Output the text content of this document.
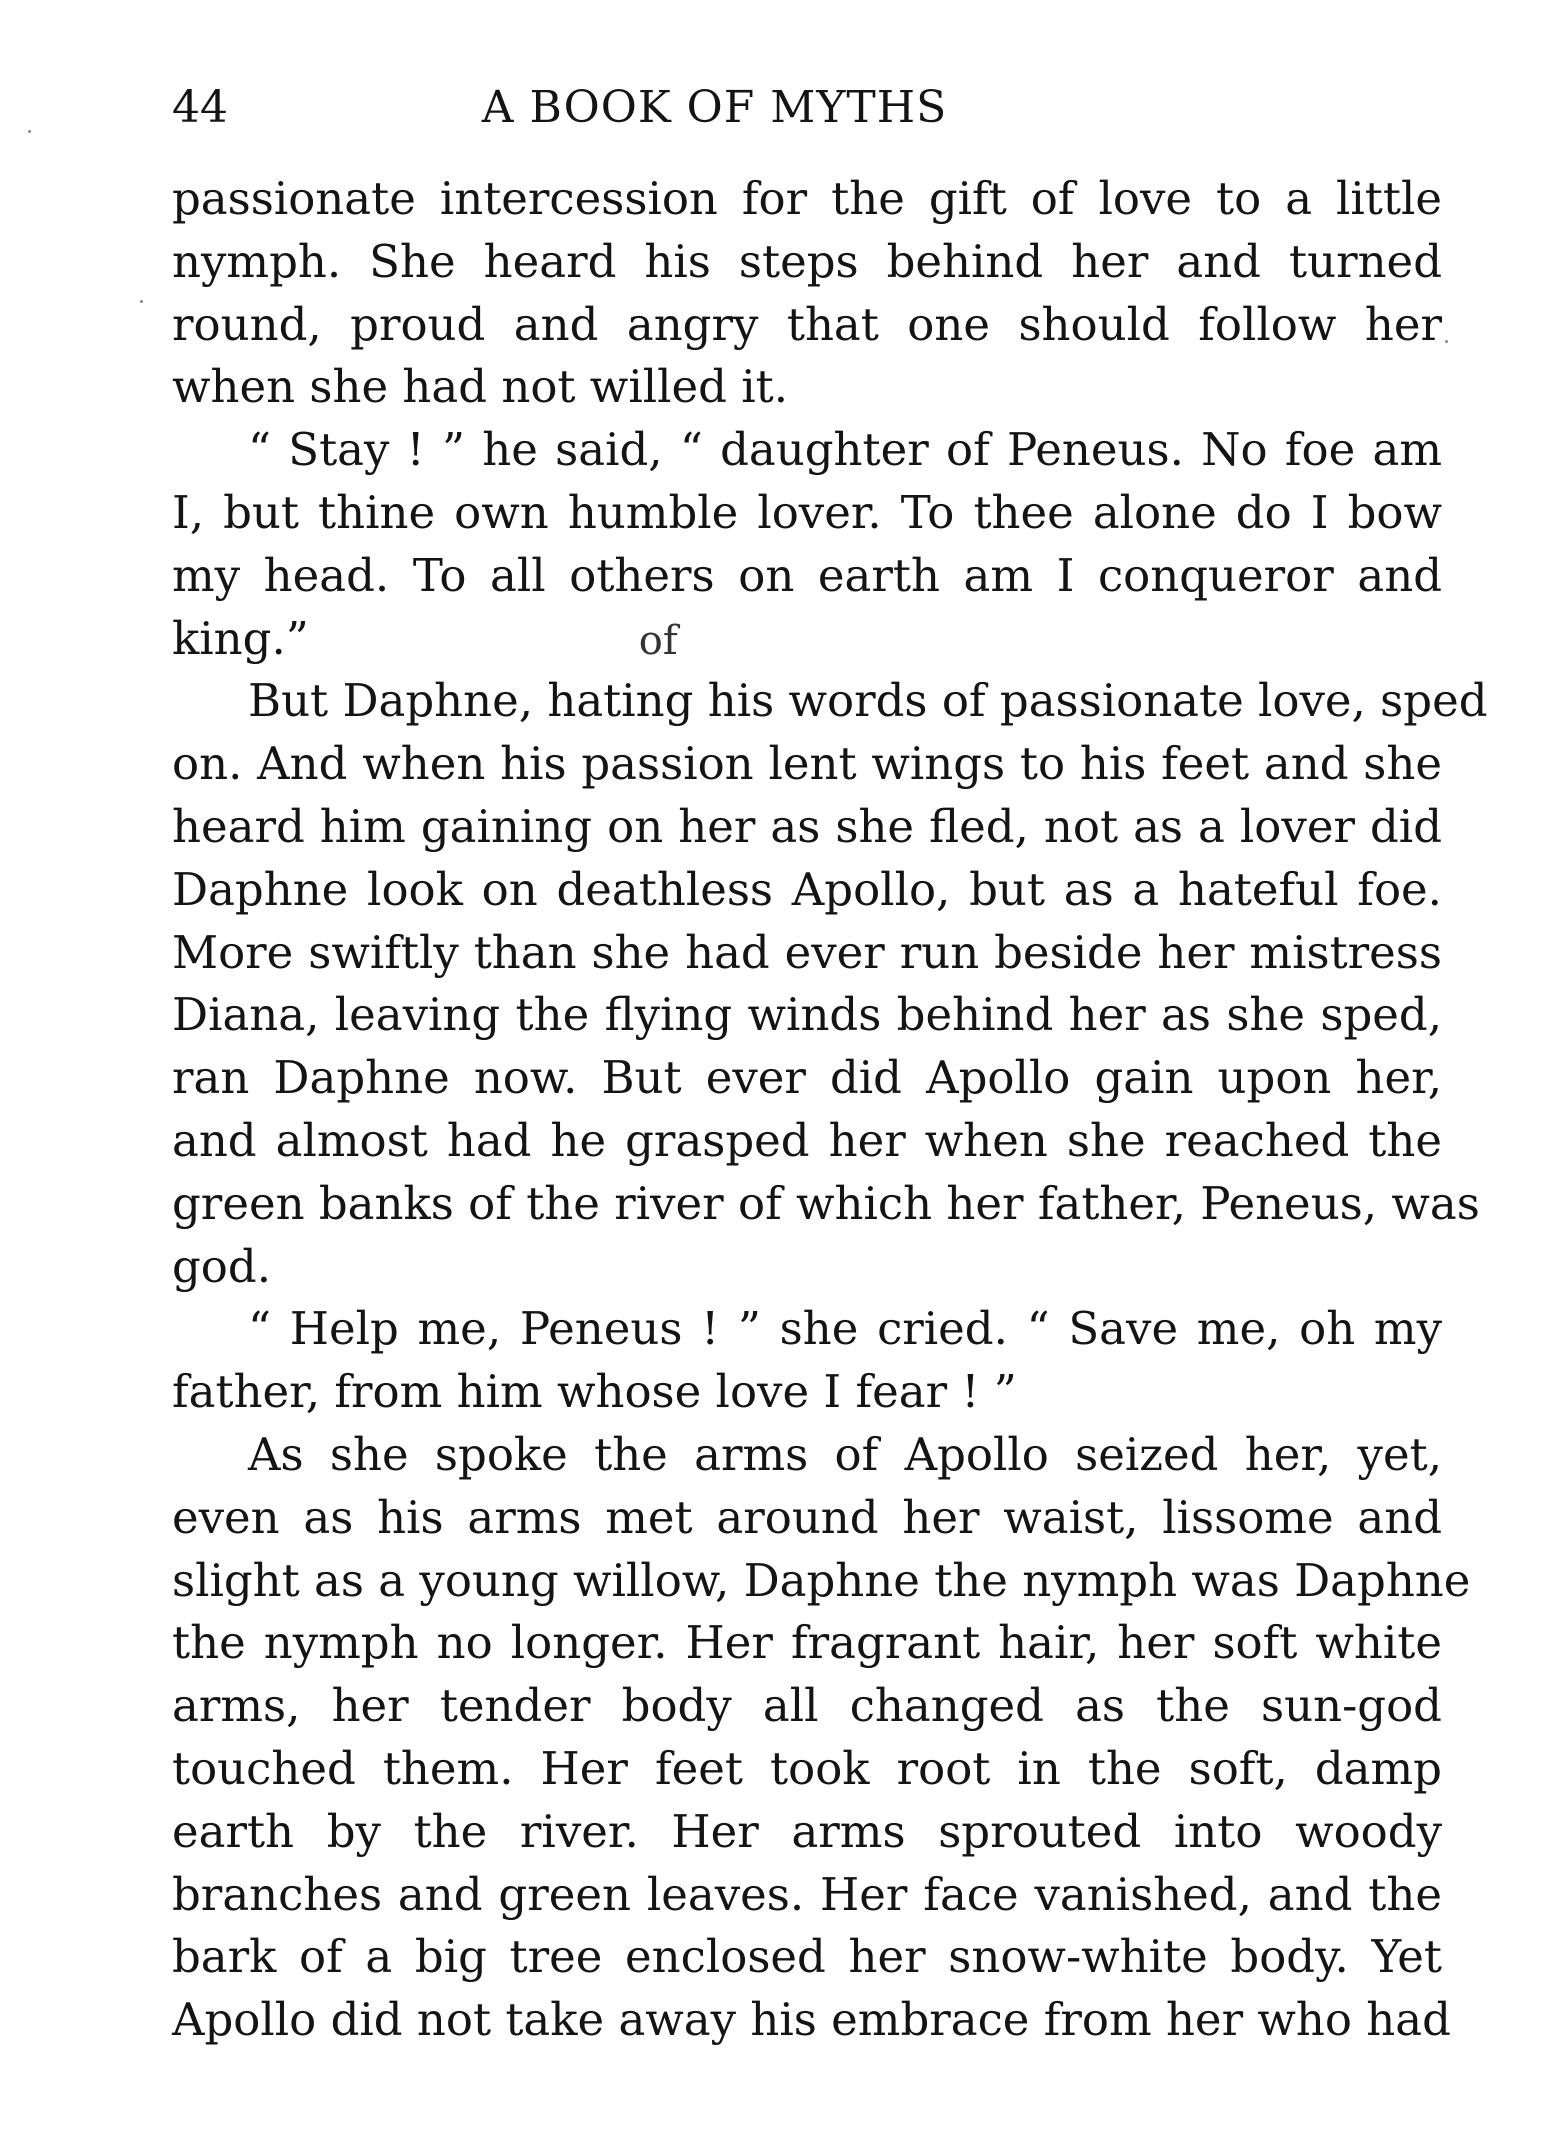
44	A BOOK OF MYTHS
passionate intercession for the gift of love to a little
nymph. She heard his steps behind her and turned
round, proud and angry that one should follow her
when she had not willed it.
“ Stay ! ” he said, “ daughter of Peneus. No foe am
I, but thine own humble lover. To thee alone do I bow
my head. To all others on earth am I conqueror and
king.”	of
But Daphne, hating his words of passionate love, sped
on. And when his passion lent wings to his feet and she
heard him gaining on her as she fled, not as a lover did
Daphne look on deathless Apollo, but as a hateful foe.
More swiftly than she had ever run beside her mistress
Diana, leaving the flying winds behind her as she sped,
ran Daphne now. But ever did Apollo gain upon her,
and almost had he grasped her when she reached the
green banks of the river of which her father, Peneus, was
god.
“ Help me, Peneus ! ” she cried. “ Save me, oh my
father, from him whose love I fear ! ”
As she spoke the arms of Apollo seized her, yet,
even as his arms met around her waist, lissome and
slight as a young willow, Daphne the nymph was Daphne
the nymph no longer. Her fragrant hair, her soft white
arms, her tender body all changed as the sun-god
touched them. Her feet took root in the soft, damp
earth by the river. Her arms sprouted into woody
branches and green leaves. Her face vanished, and the
bark of a big tree enclosed her snow-white body. Yet
Apollo did not take away his embrace from her who had
